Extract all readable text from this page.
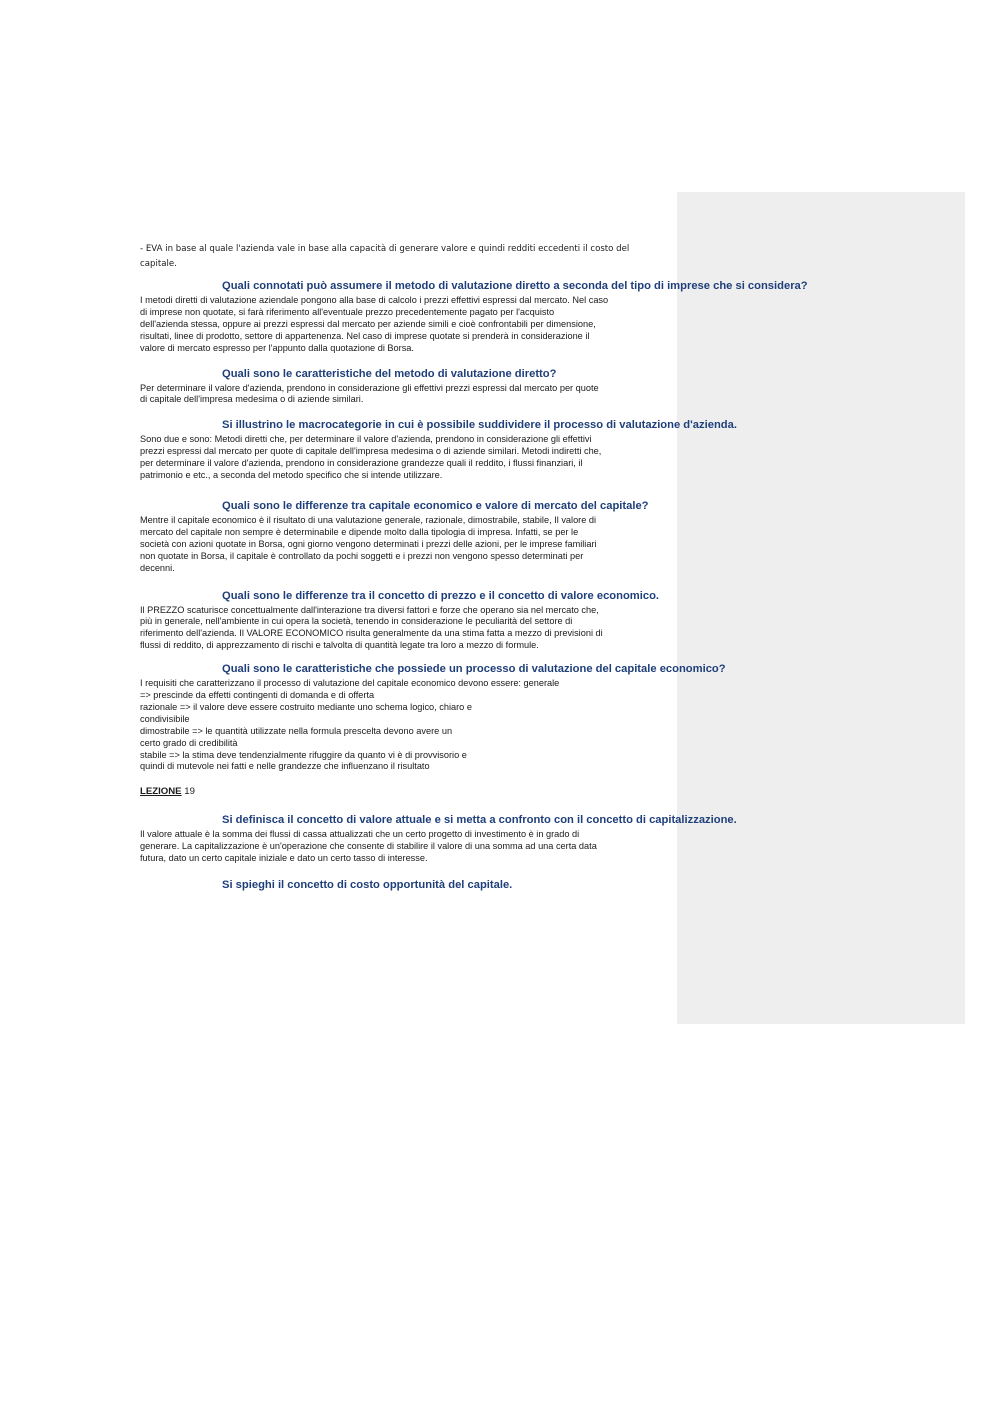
- EVA in base al quale l'azienda vale in base alla capacità di generare valore e quindi redditi eccedenti il costo del
capitale.
Quali connotati può assumere il metodo di valutazione diretto a seconda del tipo di imprese che si considera?
I metodi diretti di valutazione aziendale pongono alla base di calcolo i prezzi effettivi espressi dal mercato. Nel caso
di imprese non quotate, si farà riferimento all'eventuale prezzo precedentemente pagato per l'acquisto
dell'azienda stessa, oppure ai prezzi espressi dal mercato per aziende simili e cioè confrontabili per dimensione,
risultati, linee di prodotto, settore di appartenenza. Nel caso di imprese quotate si prenderà in considerazione il
valore di mercato espresso per l'appunto dalla quotazione di Borsa.
Quali sono le caratteristiche del metodo di valutazione diretto?
Per determinare il valore d'azienda, prendono in considerazione gli effettivi prezzi espressi dal mercato per quote
di capitale dell'impresa medesima o di aziende similari.
Si illustrino le macrocategorie in cui è possibile suddividere il processo di valutazione d'azienda.
Sono due e sono: Metodi diretti che, per determinare il valore d'azienda, prendono in considerazione gli effettivi
prezzi espressi dal mercato per quote di capitale dell'impresa medesima o di aziende similari. Metodi indiretti che,
per determinare il valore d'azienda, prendono in considerazione grandezze quali il reddito, i flussi finanziari, il
patrimonio e etc., a seconda del metodo specifico che si intende utilizzare.
Quali sono le differenze tra capitale economico e valore di mercato del capitale?
Mentre il capitale economico è il risultato di una valutazione generale, razionale, dimostrabile, stabile, Il valore di
mercato del capitale non sempre è determinabile e dipende molto dalla tipologia di impresa. Infatti, se per le
società con azioni quotate in Borsa, ogni giorno vengono determinati i prezzi delle azioni, per le imprese familiari
non quotate in Borsa, il capitale è controllato da pochi soggetti e i prezzi non vengono spesso determinati per
decenni.
Quali sono le differenze tra il concetto di prezzo e il concetto di valore economico.
Il PREZZO scaturisce concettualmente dall'interazione tra diversi fattori e forze che operano sia nel mercato che,
più in generale, nell'ambiente in cui opera la società, tenendo in considerazione le peculiarità del settore di
riferimento dell'azienda. Il VALORE ECONOMICO risulta generalmente da una stima fatta a mezzo di previsioni di
flussi di reddito, di apprezzamento di rischi e talvolta di quantità legate tra loro a mezzo di formule.
Quali sono le caratteristiche che possiede un processo di valutazione del capitale economico?
I requisiti che caratterizzano il processo di valutazione del capitale economico devono essere: generale
=> prescinde da effetti contingenti di domanda e di offerta
razionale => il valore deve essere costruito mediante uno schema logico, chiaro e
condivisibile
dimostrabile => le quantità utilizzate nella formula prescelta devono avere un
certo grado di credibilità
stabile => la stima deve tendenzialmente rifuggire da quanto vi è di provvisorio e
quindi di mutevole nei fatti e nelle grandezze che influenzano il risultato
LEZIONE 19
Si definisca il concetto di valore attuale e si metta a confronto con il concetto di capitalizzazione.
Il valore attuale è la somma dei flussi di cassa attualizzati che un certo progetto di investimento è in grado di
generare. La capitalizzazione è un'operazione che consente di stabilire il valore di una somma ad una certa data
futura, dato un certo capitale iniziale e dato un certo tasso di interesse.
Si spieghi il concetto di costo opportunità del capitale.
